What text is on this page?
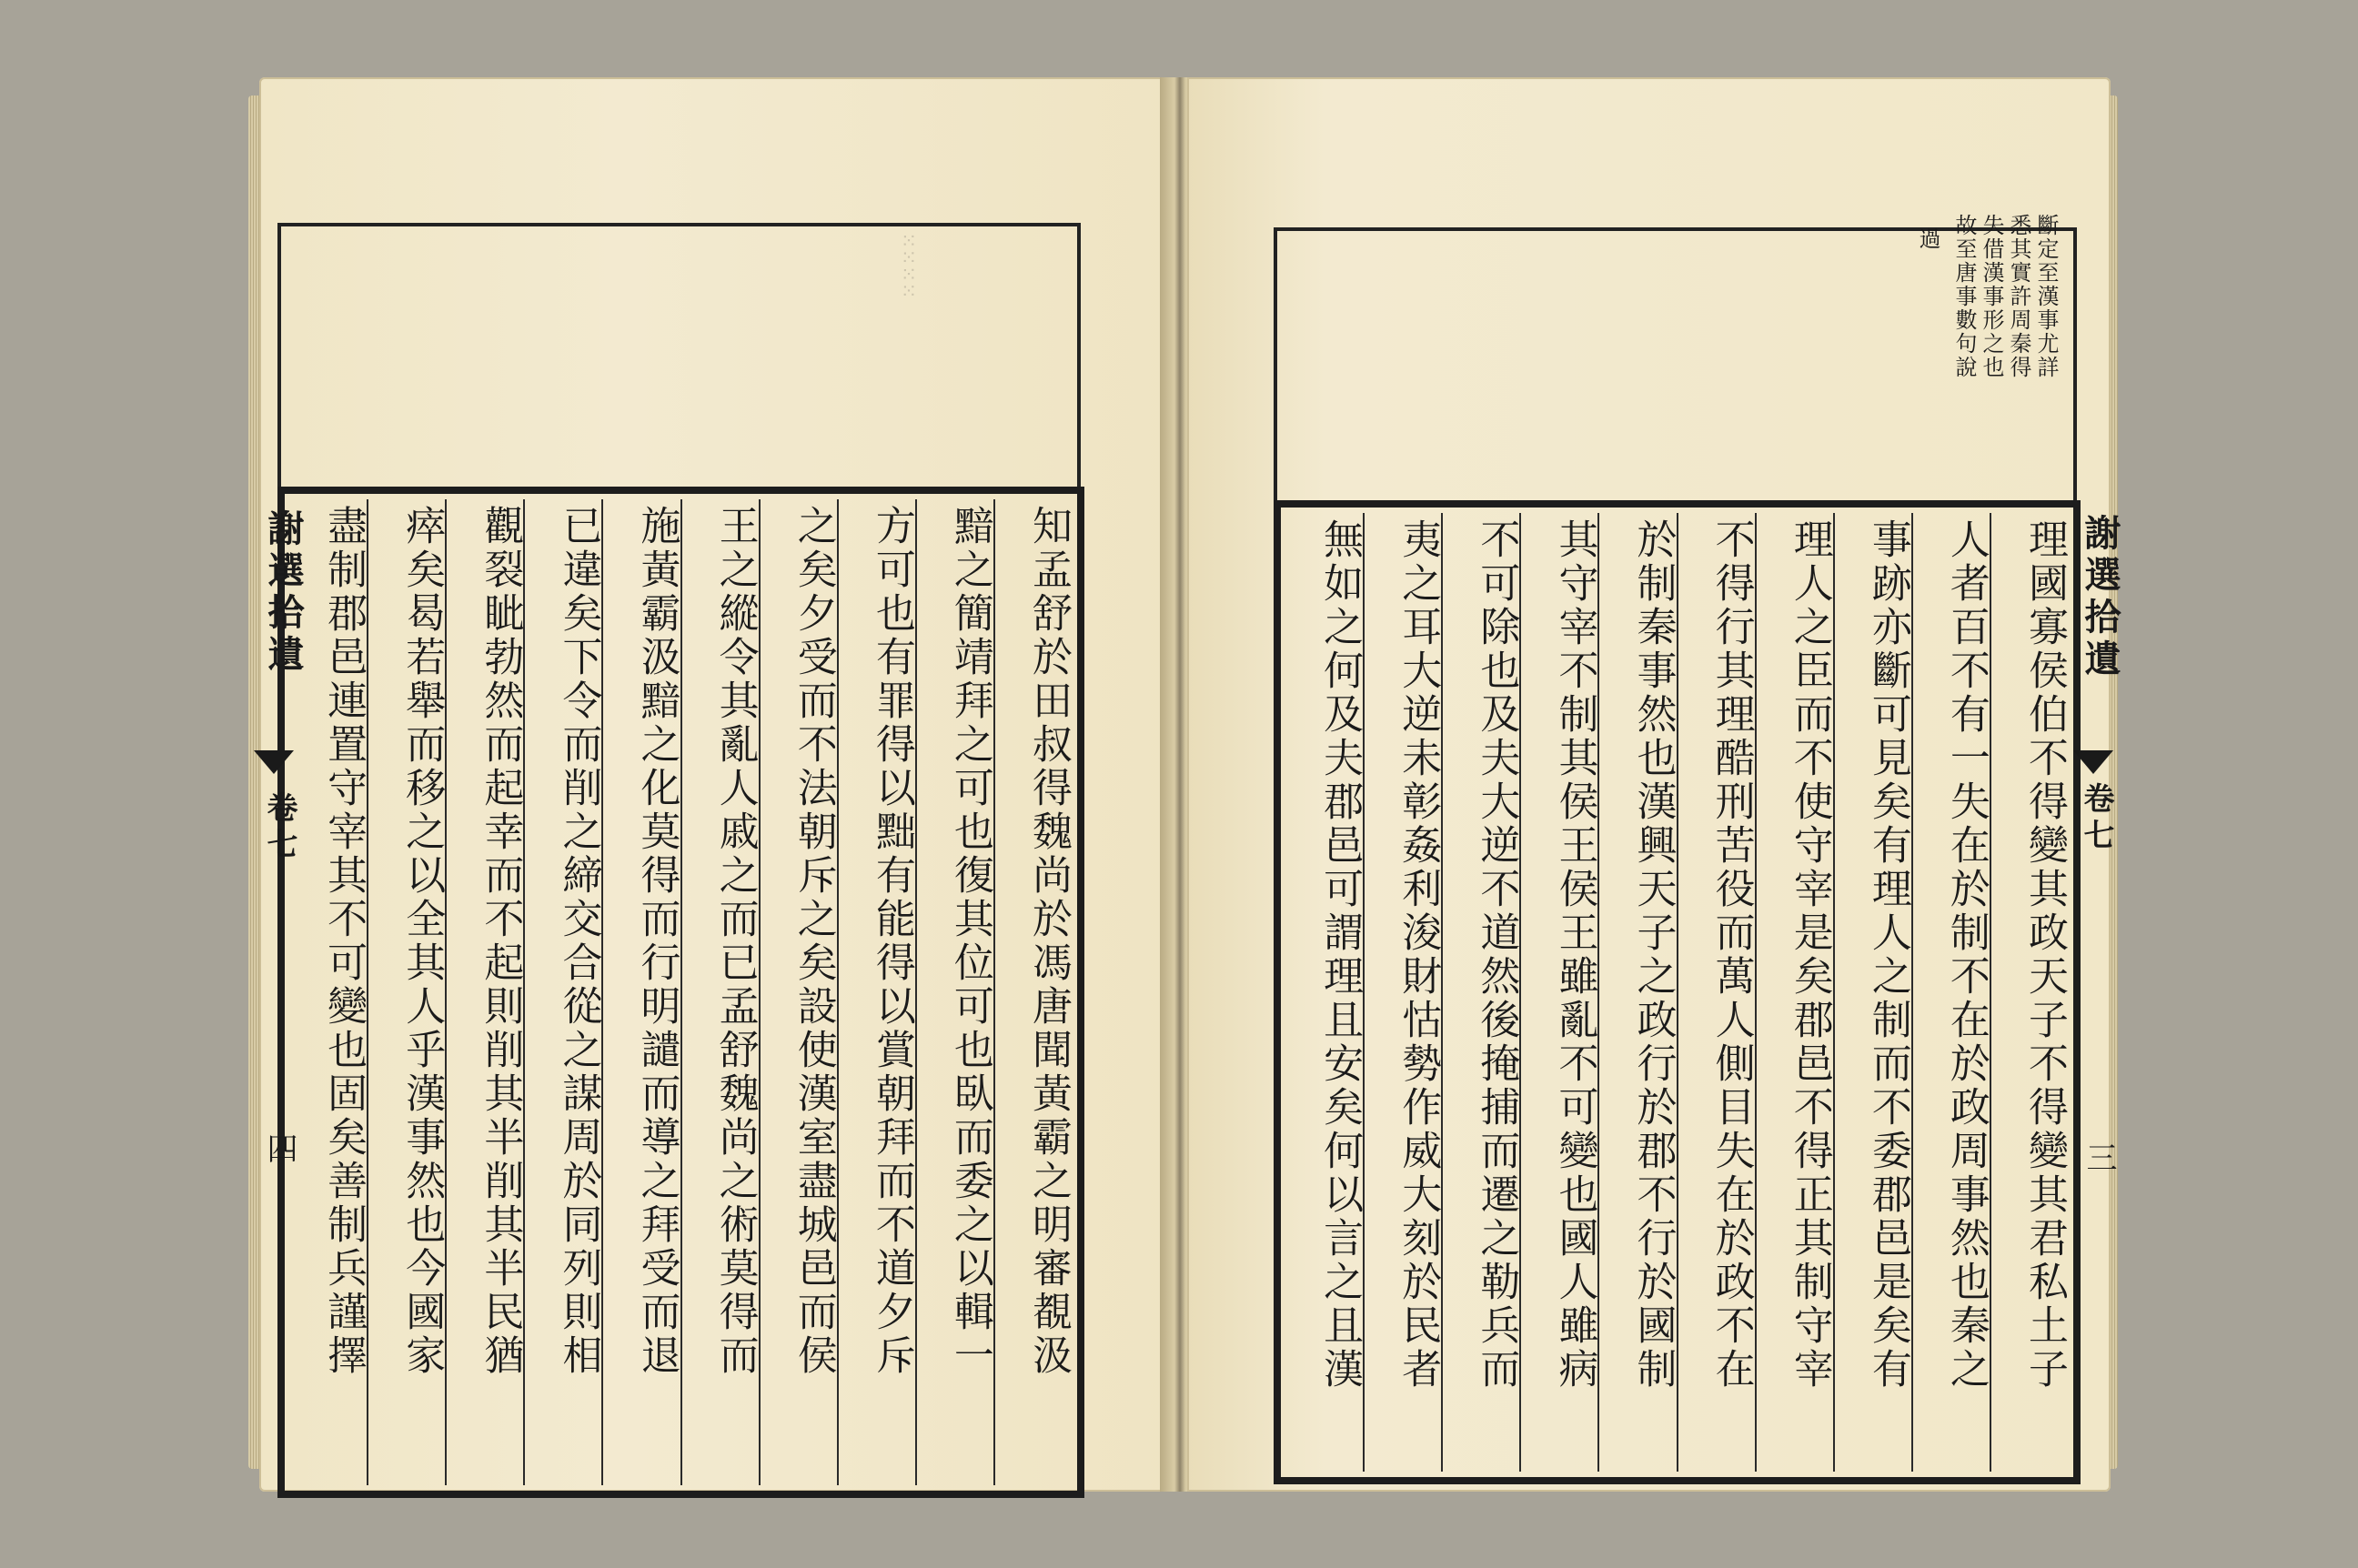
⁙⁙⁙⁙
知孟舒於田叔得魏尚於馮唐聞黃霸之明審覩汲
黯之簡靖拜之可也復其位可也臥而委之以輯一
方可也有罪得以黜有能得以賞朝拜而不道夕斥
之矣夕受而不法朝斥之矣設使漢室盡城邑而侯
王之縱令其亂人戚之而已孟舒魏尚之術莫得而
施黃霸汲黯之化莫得而行明譴而導之拜受而退
已違矣下令而削之締交合從之謀周於同列則相
觀裂眦勃然而起幸而不起則削其半削其半民猶
瘁矣曷若舉而移之以全其人乎漢事然也今國家
盡制郡邑連置守宰其不可變也固矣善制兵謹擇
謝選拾遺
卷七
四
斷定至漢事尤詳
悉其實許周秦得
失借漢事形之也
故至唐事數句說
過
理國寡侯伯不得變其政天子不得變其君私土子
人者百不有一失在於制不在於政周事然也秦之
事跡亦斷可見矣有理人之制而不委郡邑是矣有
理人之臣而不使守宰是矣郡邑不得正其制守宰
不得行其理酷刑苦役而萬人側目失在於政不在
於制秦事然也漢興天子之政行於郡不行於國制
其守宰不制其侯王侯王雖亂不可變也國人雖病
不可除也及夫大逆不道然後掩捕而遷之勒兵而
夷之耳大逆未彰姦利浚財怙勢作威大刻於民者
無如之何及夫郡邑可謂理且安矣何以言之且漢	謝選拾遺
卷七
三
